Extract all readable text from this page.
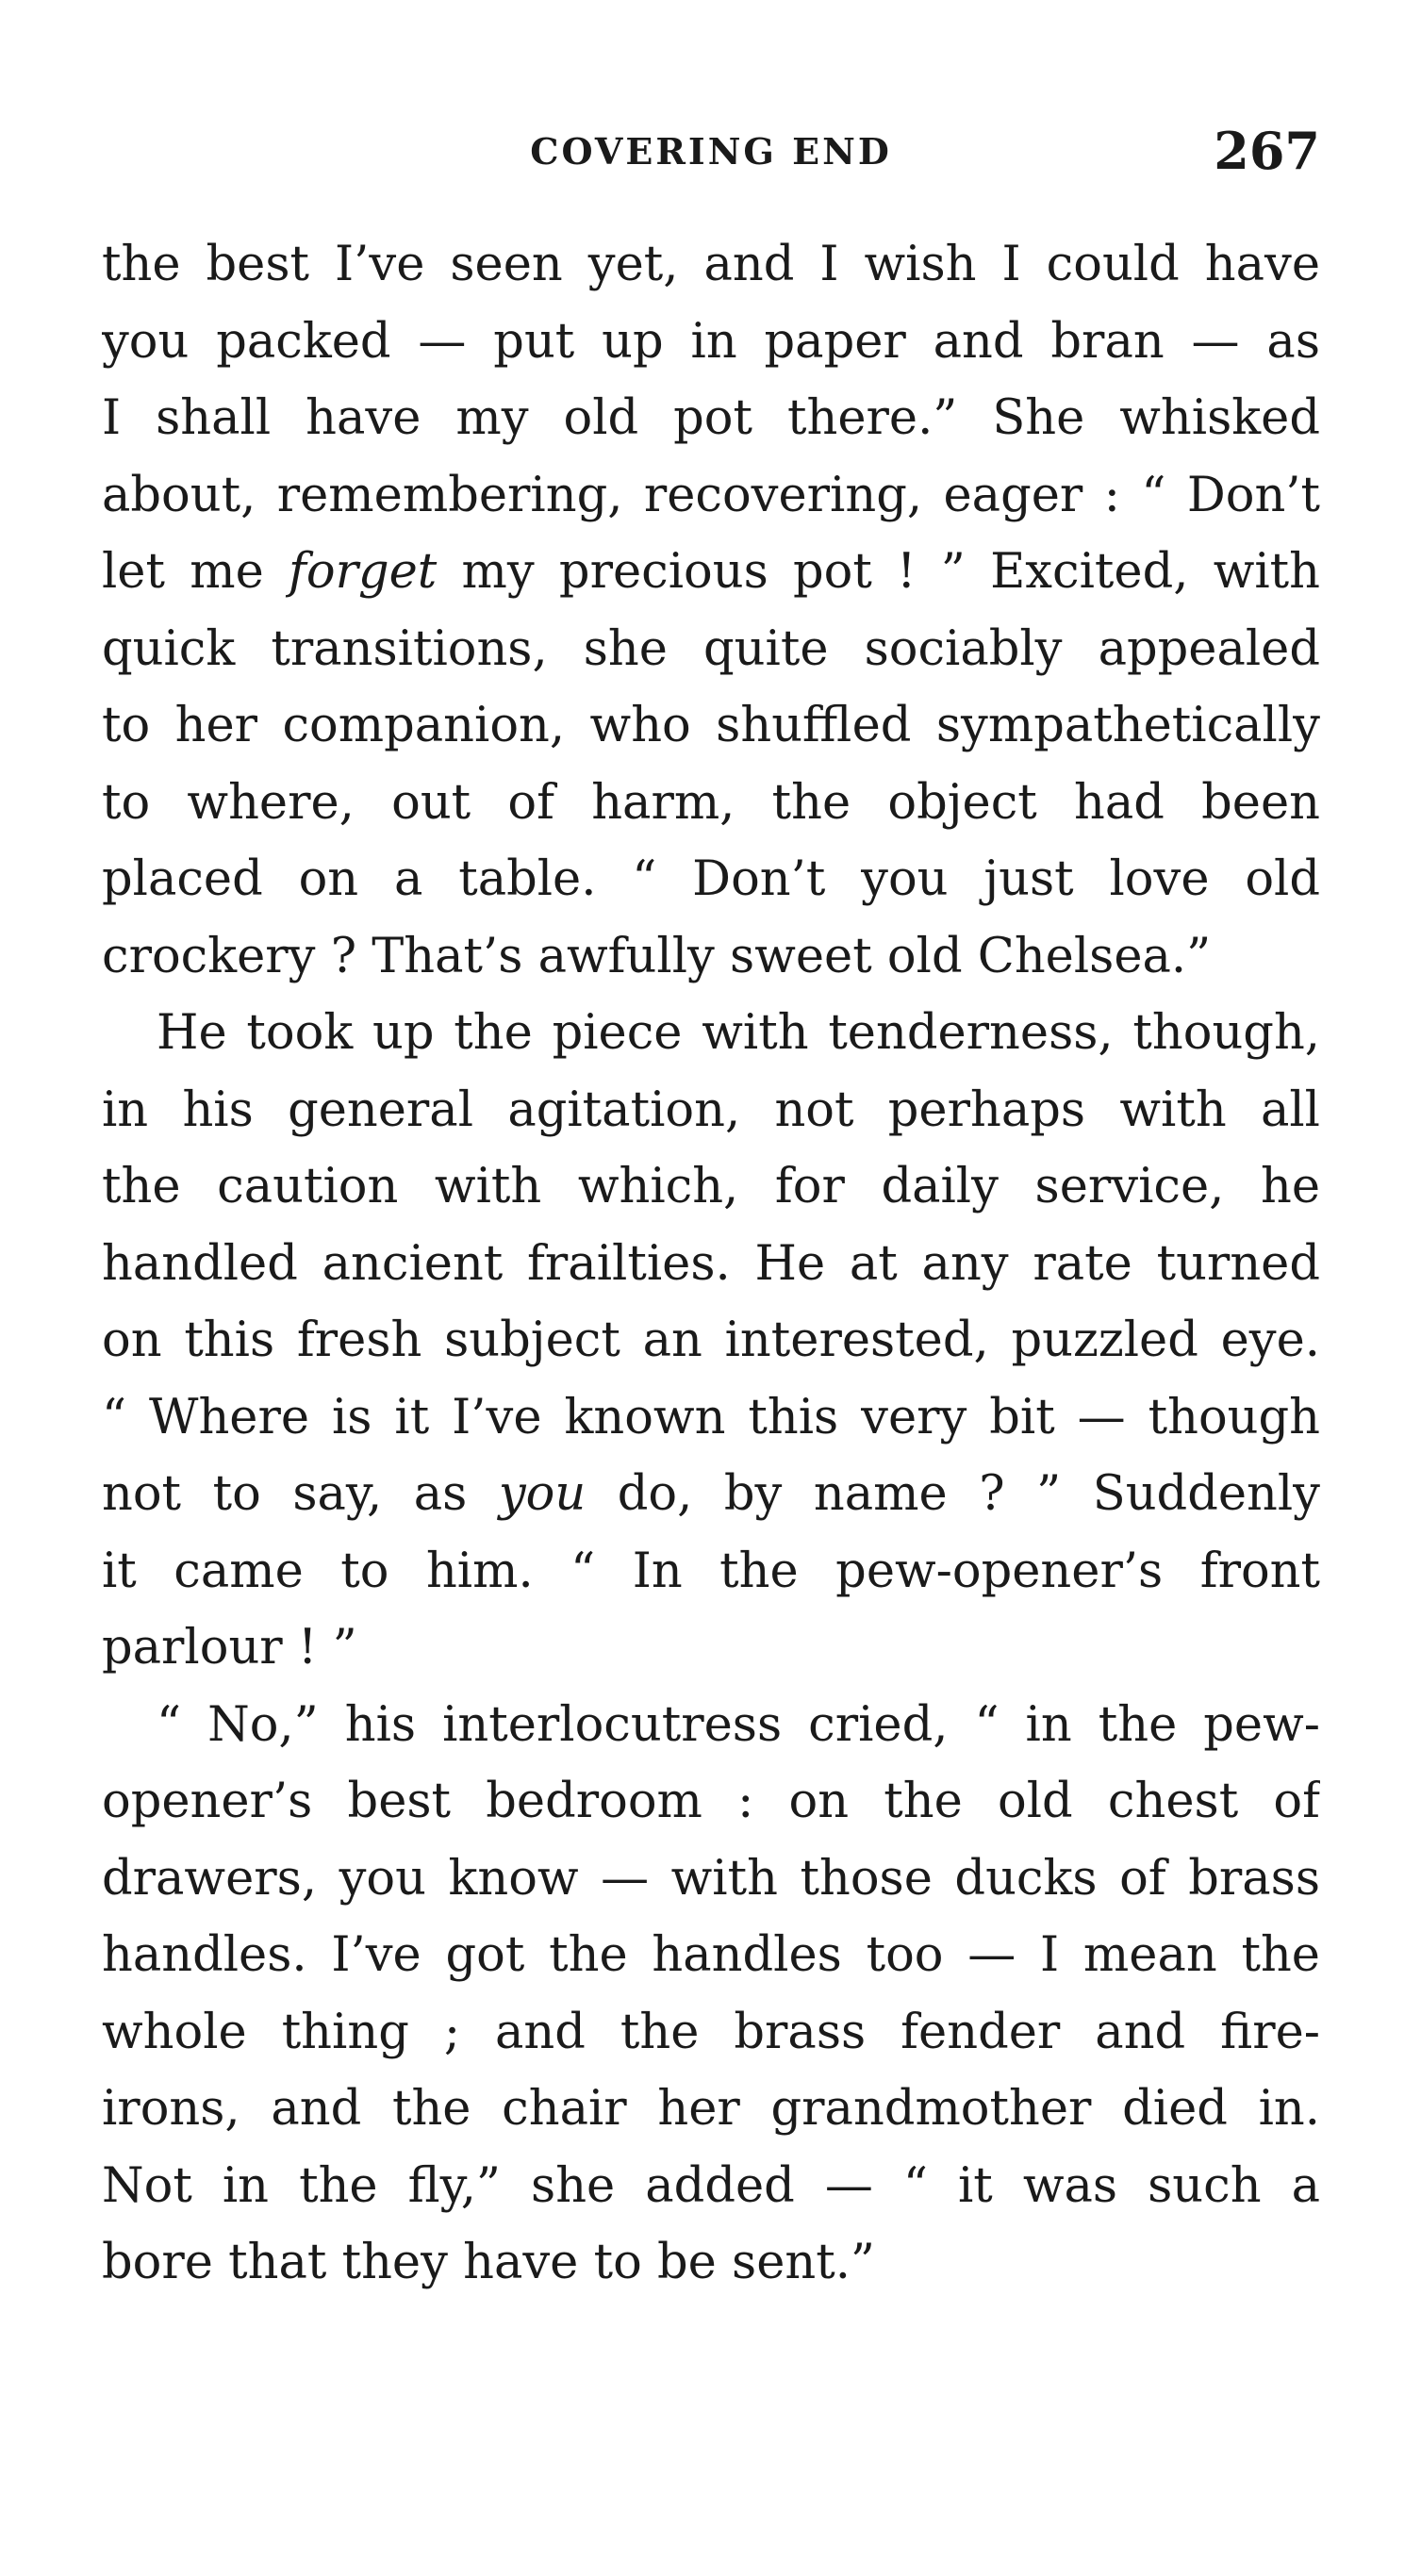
COVERING END	267
the best I’ve seen yet, and I wish I could have
you packed — put up in paper and bran — as
I shall have my old pot there.” She whisked
about, remembering, recovering, eager : “ Don’t
let me forget my precious pot ! ” Excited, with
quick transitions, she quite sociably appealed
to her companion, who shuffled sympathetically
to where, out of harm, the object had been
placed on a table. “ Don’t you just love old
crockery ? That’s awfully sweet old Chelsea.”
He took up the piece with tenderness, though,
in his general agitation, not perhaps with all
the caution with which, for daily service, he
handled ancient frailties. He at any rate turned
on this fresh subject an interested, puzzled eye.
“ Where is it I’ve known this very bit — though
not to say, as you do, by name ? ” Suddenly
it came to him. “ In the pew-opener’s front
parlour ! ”
“ No,” his interlocutress cried, “ in the pew-
opener’s best bedroom : on the old chest of
drawers, you know — with those ducks of brass
handles. I’ve got the handles too — I mean the
whole thing ; and the brass fender and fire-
irons, and the chair her grandmother died in.
Not in the fly,” she added — “ it was such a
bore that they have to be sent.”
